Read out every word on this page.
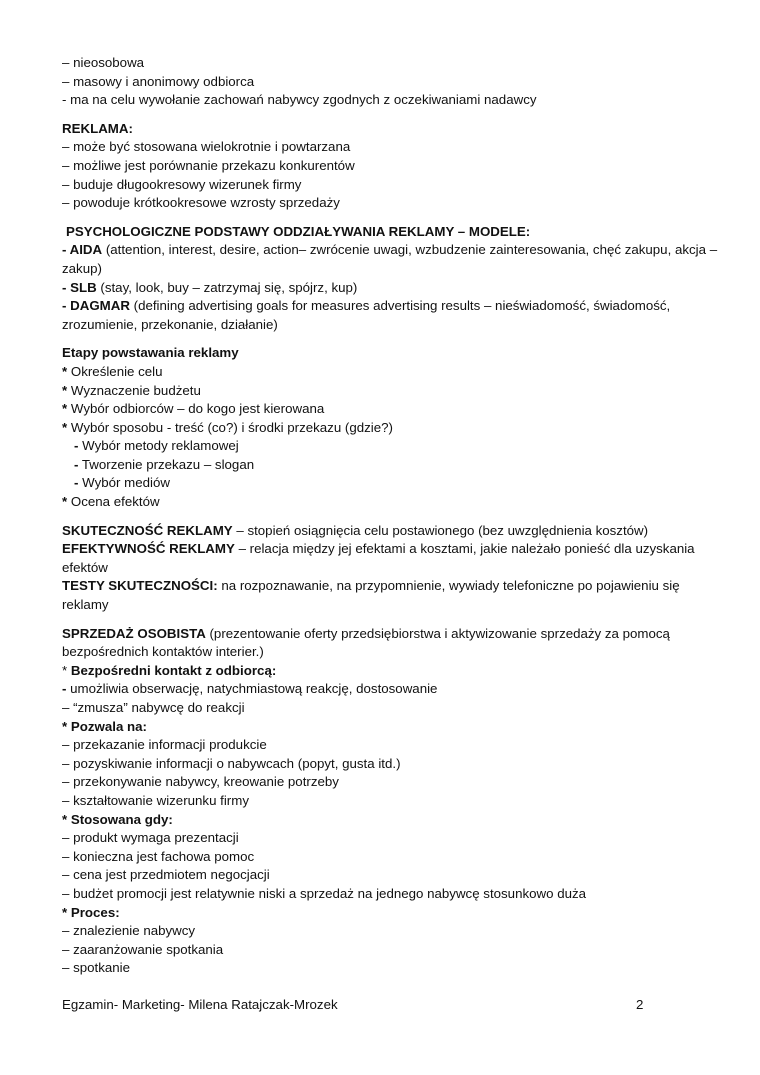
– nieosobowa
– masowy i anonimowy odbiorca
- ma na celu wywołanie zachowań nabywcy zgodnych z oczekiwaniami nadawcy
REKLAMA:
– może być stosowana wielokrotnie i powtarzana
– możliwe jest porównanie przekazu konkurentów
– buduje długookresowy wizerunek firmy
– powoduje krótkookresowe wzrosty sprzedaży
PSYCHOLOGICZNE PODSTAWY ODDZIAŁYWANIA REKLAMY – MODELE:
- AIDA (attention, interest, desire, action– zwrócenie uwagi, wzbudzenie zainteresowania, chęć zakupu, akcja – zakup)
- SLB (stay, look, buy – zatrzymaj się, spójrz, kup)
- DAGMAR (defining advertising goals for measures advertising results – nieświadomość, świadomość, zrozumienie, przekonanie, działanie)
Etapy powstawania reklamy
* Określenie celu
* Wyznaczenie budżetu
* Wybór odbiorców – do kogo jest kierowana
* Wybór sposobu - treść (co?) i środki przekazu (gdzie?)
- Wybór metody reklamowej
- Tworzenie przekazu – slogan
- Wybór mediów
* Ocena efektów
SKUTECZNOŚĆ REKLAMY – stopień osiągnięcia celu postawionego (bez uwzględnienia kosztów)
EFEKTYWNOŚĆ REKLAMY – relacja między jej efektami a kosztami, jakie należało ponieść dla uzyskania efektów
TESTY SKUTECZNOŚCI: na rozpoznawanie, na przypomnienie, wywiady telefoniczne po pojawieniu się reklamy
SPRZEDAŻ OSOBISTA (prezentowanie oferty przedsiębiorstwa i aktywizowanie sprzedaży za pomocą bezpośrednich kontaktów interier.)
* Bezpośredni kontakt z odbiorcą:
- umożliwia obserwację, natychmiastową reakcję, dostosowanie
– “zmusza” nabywcę do reakcji
* Pozwala na:
– przekazanie informacji produkcie
– pozyskiwanie informacji o nabywcach (popyt, gusta itd.)
– przekonywanie nabywcy, kreowanie potrzeby
– kształtowanie wizerunku firmy
* Stosowana gdy:
– produkt wymaga prezentacji
– konieczna jest fachowa pomoc
– cena jest przedmiotem negocjacji
– budżet promocji jest relatywnie niski a sprzedaż na jednego nabywcę stosunkowo duża
* Proces:
– znalezienie nabywcy
– zaaranżowanie spotkania
– spotkanie
Egzamin- Marketing- Milena Ratajczak-Mrozek	2
